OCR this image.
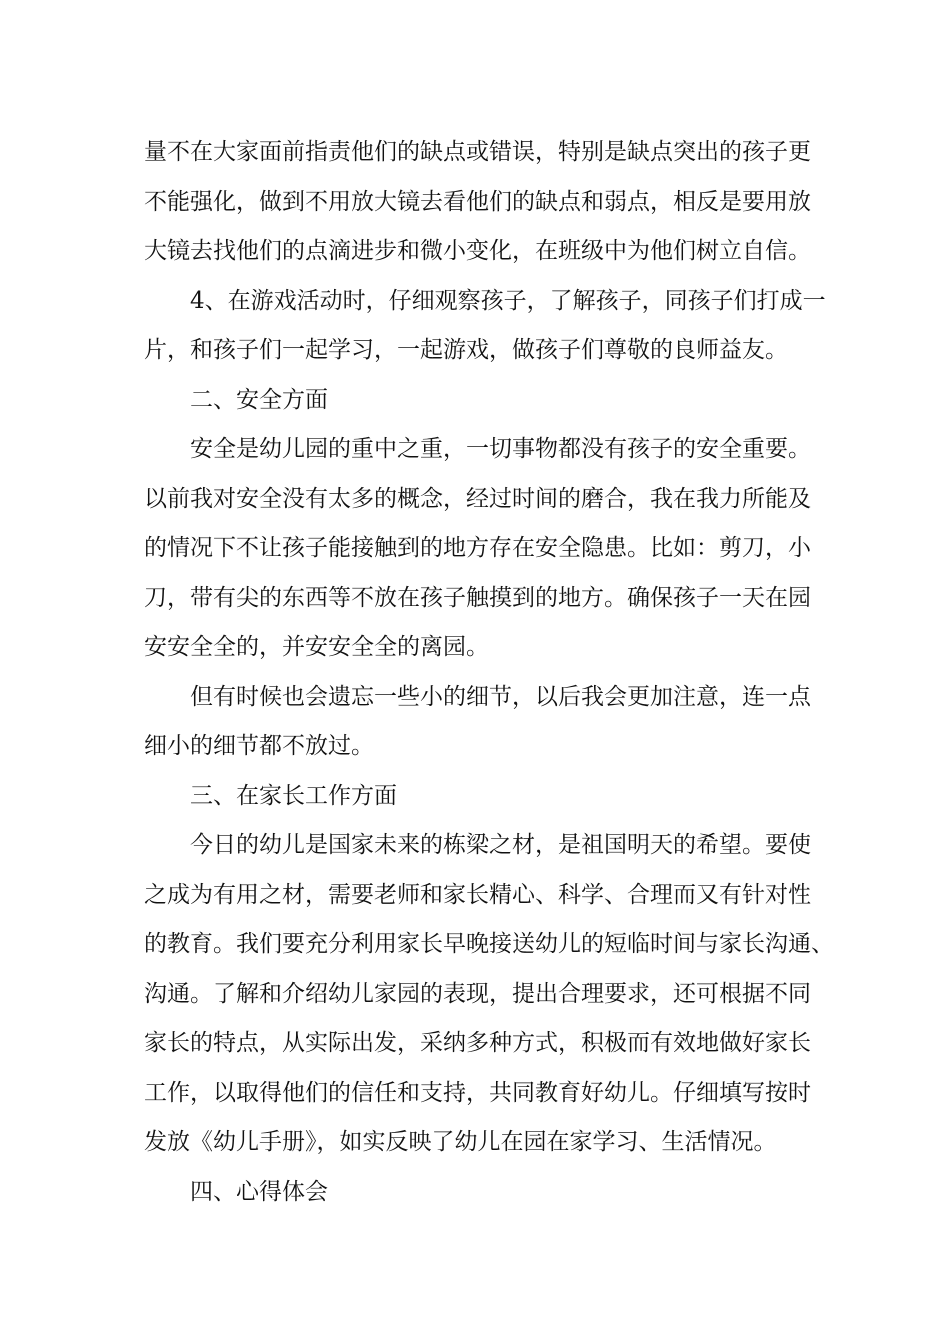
量不在大家面前指责他们的缺点或错误，特别是缺点突出的孩子更
不能强化，做到不用放大镜去看他们的缺点和弱点，相反是要用放
大镜去找他们的点滴进步和微小变化，在班级中为他们树立自信。
4、在游戏活动时，仔细观察孩子，了解孩子，同孩子们打成一
片，和孩子们一起学习，一起游戏，做孩子们尊敬的良师益友。
二、安全方面
安全是幼儿园的重中之重，一切事物都没有孩子的安全重要。
以前我对安全没有太多的概念，经过时间的磨合，我在我力所能及
的情况下不让孩子能接触到的地方存在安全隐患。比如：剪刀，小
刀，带有尖的东西等不放在孩子触摸到的地方。确保孩子一天在园
安安全全的，并安安全全的离园。
但有时候也会遗忘一些小的细节，以后我会更加注意，连一点
细小的细节都不放过。
三、在家长工作方面
今日的幼儿是国家未来的栋梁之材，是祖国明天的希望。要使
之成为有用之材，需要老师和家长精心、科学、合理而又有针对性
的教育。我们要充分利用家长早晚接送幼儿的短临时间与家长沟通、
沟通。了解和介绍幼儿家园的表现，提出合理要求，还可根据不同
家长的特点，从实际出发，采纳多种方式，积极而有效地做好家长
工作，以取得他们的信任和支持，共同教育好幼儿。仔细填写按时
发放《幼儿手册》，如实反映了幼儿在园在家学习、生活情况。
四、心得体会
